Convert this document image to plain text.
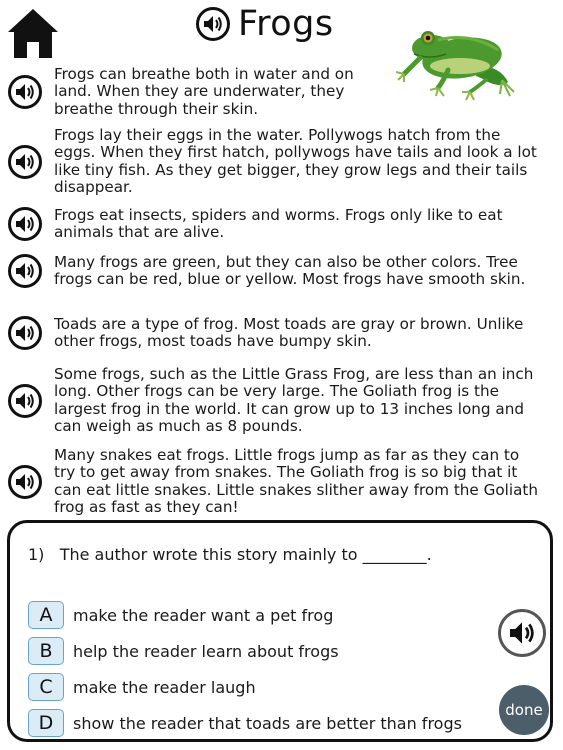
Frogs
Frogs can breathe both in water and on land. When they are underwater, they breathe through their skin.
Frogs lay their eggs in the water. Pollywogs hatch from the eggs. When they first hatch, pollywogs have tails and look a lot like tiny fish. As they get bigger, they grow legs and their tails disappear.
Frogs eat insects, spiders and worms. Frogs only like to eat animals that are alive.
Many frogs are green, but they can also be other colors. Tree frogs can be red, blue or yellow. Most frogs have smooth skin.
Toads are a type of frog. Most toads are gray or brown. Unlike other frogs, most toads have bumpy skin.
Some frogs, such as the Little Grass Frog, are less than an inch long. Other frogs can be very large. The Goliath frog is the largest frog in the world. It can grow up to 13 inches long and can weigh as much as 8 pounds.
Many snakes eat frogs. Little frogs jump as far as they can to try to get away from snakes. The Goliath frog is so big that it can eat little snakes. Little snakes slither away from the Goliath frog as fast as they can!
1) The author wrote this story mainly to ________.
A	make the reader want a pet frog
B	help the reader learn about frogs
C	make the reader laugh
D	show the reader that toads are better than frogs
done
